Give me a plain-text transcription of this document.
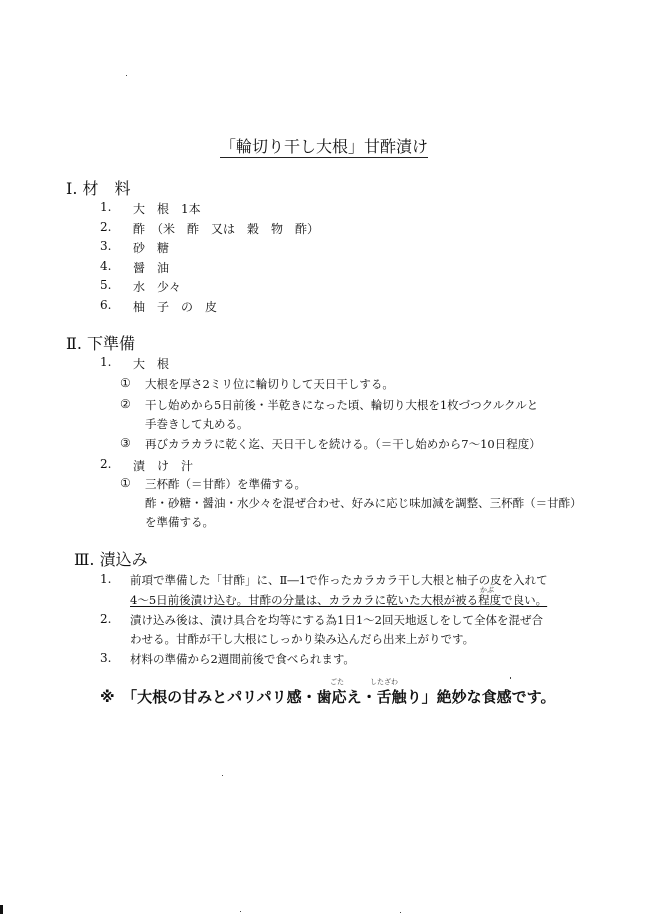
「輪切り干し大根」甘酢漬け
Ⅰ. 材　料
1. 大　根　1本
2. 酢　（米　酢　又は　穀　物　酢）
3. 砂　糖
4. 醤　油
5. 水　少々
6. 柚　子　の　皮
Ⅱ. 下準備
1. 大　根
① 大根を厚さ2ミリ位に輪切りして天日干しする。
② 干し始めから5日前後・半乾きになった頃、輪切り大根を1枚づつクルクルと
手巻きして丸める。
③ 再びカラカラに乾く迄、天日干しを続ける。（＝干し始めから7～10日程度）
2. 漬　け　汁
① 三杯酢（＝甘酢）を準備する。
酢・砂糖・醤油・水少々を混ぜ合わせ、好みに応じ味加減を調整、三杯酢（＝甘酢）
を準備する。
Ⅲ. 漬込み
1. 前項で準備した「甘酢」に、Ⅱ―1で作ったカラカラ干し大根と柚子の皮を入れて
かぶ
4～5日前後漬け込む。甘酢の分量は、カラカラに乾いた大根が被る程度で良い。
2. 漬け込み後は、漬け具合を均等にする為1日1～2回天地返しをして全体を混ぜ合
わせる。甘酢が干し大根にしっかり染み込んだら出来上がりです。
3. 材料の準備から2週間前後で食べられます。
ごた	したざわ
※　 「大根の甘みとパリパリ感・歯応え・舌触り」絶妙な食感です。
